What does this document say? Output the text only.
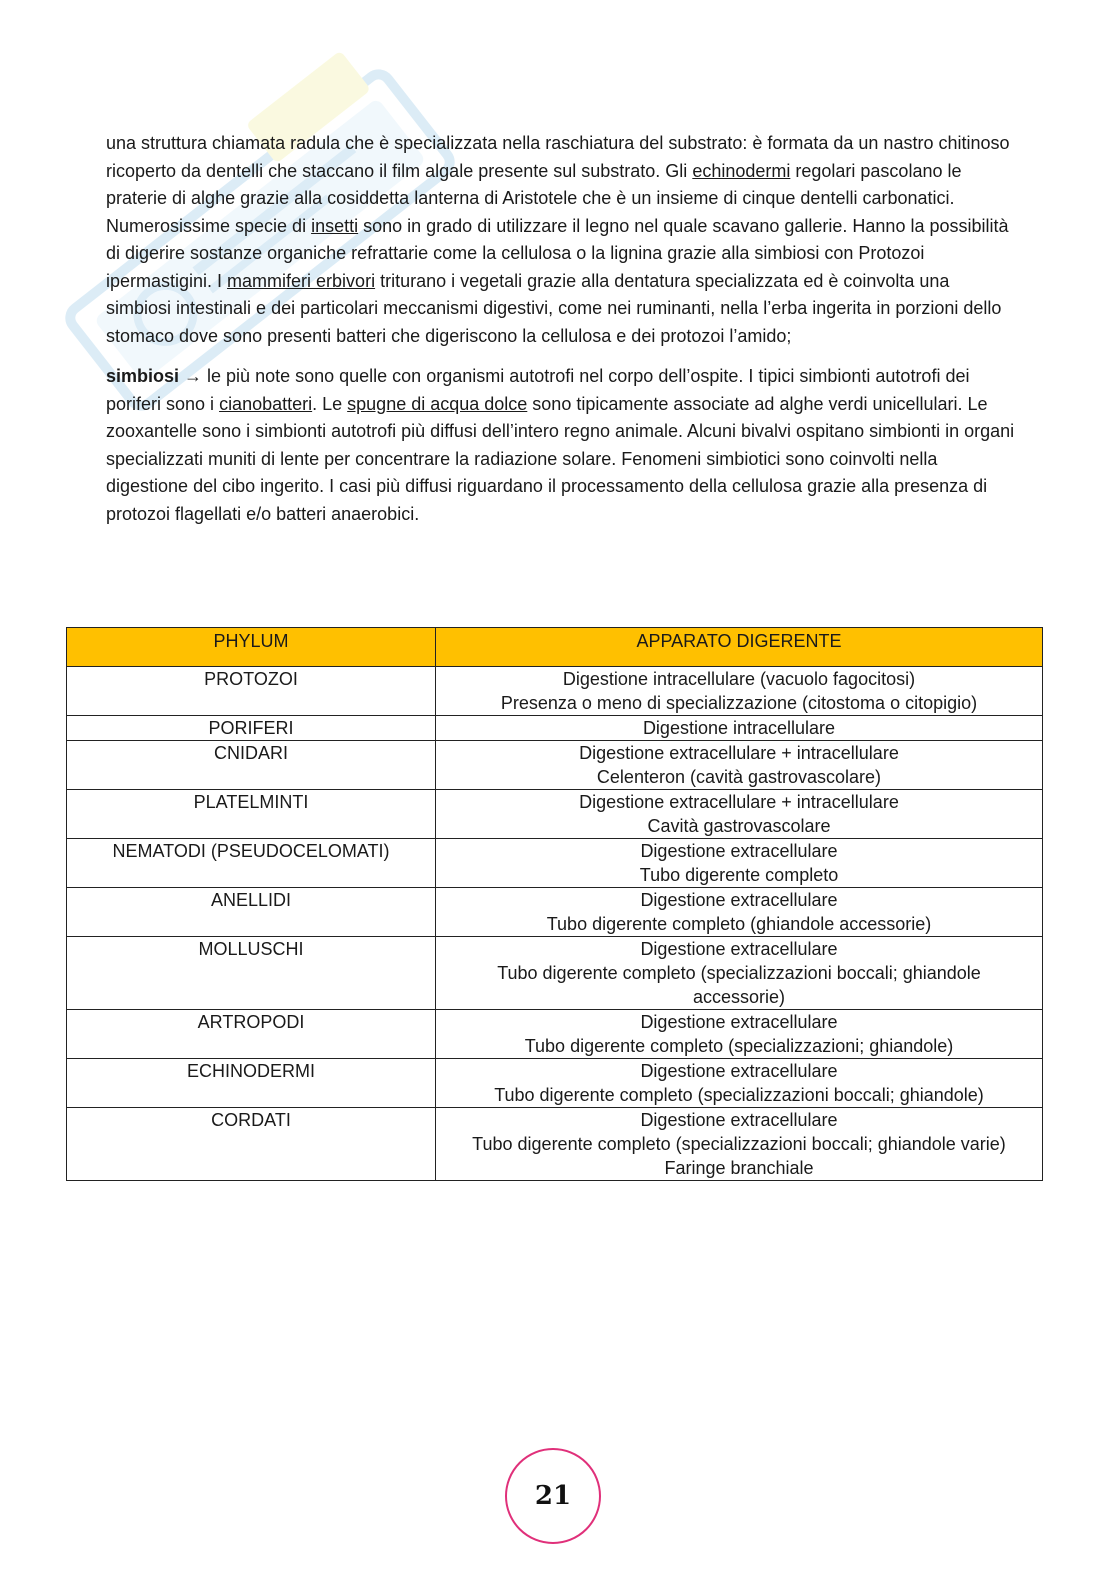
una struttura chiamata radula che è specializzata nella raschiatura del substrato: è formata da un nastro chitinoso ricoperto da dentelli che staccano il film algale presente sul substrato. Gli echinodermi regolari pascolano le praterie di alghe grazie alla cosiddetta lanterna di Aristotele che è un insieme di cinque dentelli carbonatici. Numerosissime specie di insetti sono in grado di utilizzare il legno nel quale scavano gallerie. Hanno la possibilità di digerire sostanze organiche refrattarie come la cellulosa o la lignina grazie alla simbiosi con Protozoi ipermastigini. I mammiferi erbivori triturano i vegetali grazie alla dentatura specializzata ed è coinvolta una simbiosi intestinali e dei particolari meccanismi digestivi, come nei ruminanti, nella l’erba ingerita in porzioni dello stomaco dove sono presenti batteri che digeriscono la cellulosa e dei protozoi l’amido;

simbiosi → le più note sono quelle con organismi autotrofi nel corpo dell’ospite. I tipici simbionti autotrofi dei poriferi sono i cianobatteri. Le spugne di acqua dolce sono tipicamente associate ad alghe verdi unicellulari. Le zooxantelle sono i simbionti autotrofi più diffusi dell’intero regno animale. Alcuni bivalvi ospitano simbionti in organi specializzati muniti di lente per concentrare la radiazione solare. Fenomeni simbiotici sono coinvolti nella digestione del cibo ingerito. I casi più diffusi riguardano il processamento della cellulosa grazie alla presenza di protozoi flagellati e/o batteri anaerobici.

PHYLUM	APPARATO DIGERENTE
PROTOZOI	Digestione intracellulare (vacuolo fagocitosi)
Presenza o meno di specializzazione (citostoma o citopigio)

PORIFERI	Digestione intracellulare

CNIDARI	Digestione extracellulare + intracellulare
Celenteron (cavità gastrovascolare)

PLATELMINTI	Digestione extracellulare + intracellulare
Cavità gastrovascolare

NEMATODI (PSEUDOCELOMATI)	Digestione extracellulare
Tubo digerente completo

ANELLIDI	Digestione extracellulare
Tubo digerente completo (ghiandole accessorie)

MOLLUSCHI	Digestione extracellulare
Tubo digerente completo (specializzazioni boccali; ghiandole
accessorie)

ARTROPODI	Digestione extracellulare
Tubo digerente completo (specializzazioni; ghiandole)

ECHINODERMI	Digestione extracellulare
Tubo digerente completo (specializzazioni boccali; ghiandole)

CORDATI	Digestione extracellulare
Tubo digerente completo (specializzazioni boccali; ghiandole varie)
Faringe branchiale
21
